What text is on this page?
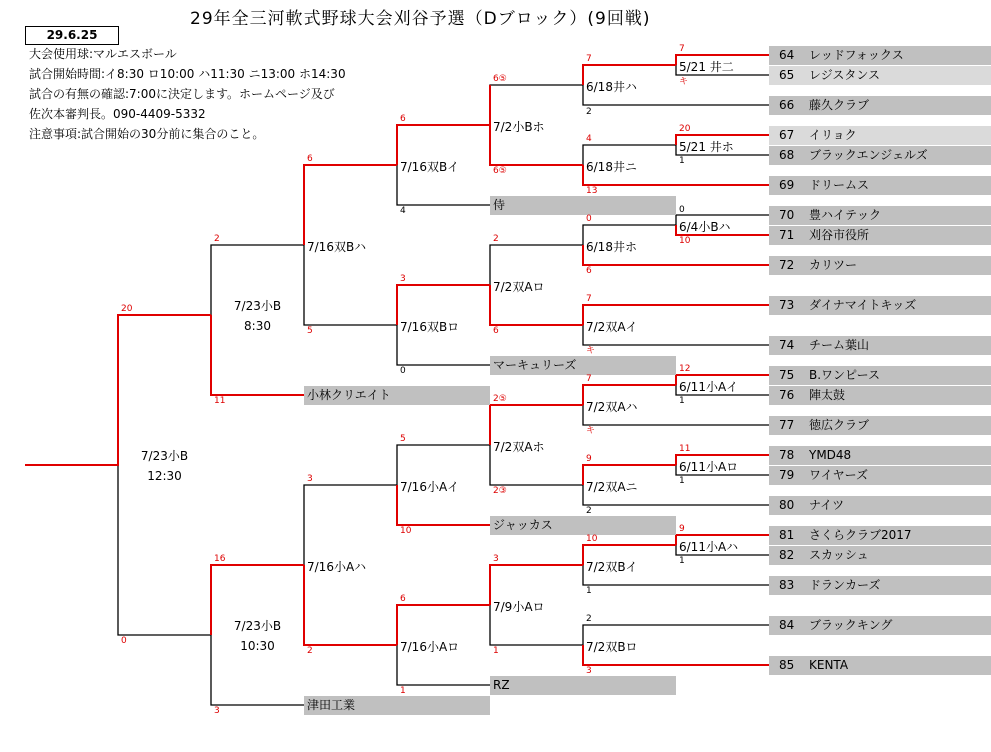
29年全三河軟式野球大会刈谷予選（Dブロック）(9回戦)
29.6.25
大会使用球:マルエスボール
試合開始時間:イ8:30 ロ10:00 ハ11:30 ニ13:00 ホ14:30
試合の有無の確認:7:00に決定します。ホームページ及び
佐次本審判長。090-4409-5332
注意事項:試合開始の30分前に集合のこと。
64 レッドフォックス
65 レジスタンス
66 藤久クラブ
67 イリョク
68 ブラックエンジェルズ
69 ドリームス
70 豊ハイテック
71 刈谷市役所
72 カリツー
73 ダイナマイトキッズ
74 チーム葉山
75 B.ワンピース
76 陣太鼓
77 徳広クラブ
78 YMD48
79 ワイヤーズ
80 ナイツ
81 さくらクラブ2017
82 スカッシュ
83 ドランカーズ
84 ブラックキング
85 KENTA
侍
マーキュリーズ
小林クリエイト
ジャッカス
RZ
津田工業
5/21 井二
5/21 井ホ
6/4小Bハ
6/11小Aイ
6/11小Aロ
6/11小Aハ
6/18井ハ
6/18井ニ
6/18井ホ
7/2双Aイ
7/2双Aハ
7/2双Aニ
7/2双Bイ
7/2双Bロ
7/2小Bホ
7/2双Aロ
7/2双Aホ
7/9小Aロ
7/16双Bイ
7/16双Bロ
7/16小Aイ
7/16小Aロ
7/16双Bハ
7/16小Aハ
7/23小B
8:30
7/23小B
10:30
7/23小B
12:30
7
キ
7
2
20
1
4
13
0
10
0
6
7
キ
12
1
7
キ
11
1
9
2
9
1
10
1
2
3
6⑤
6⑤
2
6
2⑤
2③
3
1
6
4
3
0
5
10
6
1
6
5
3
2
2
11
16
3
20
0
